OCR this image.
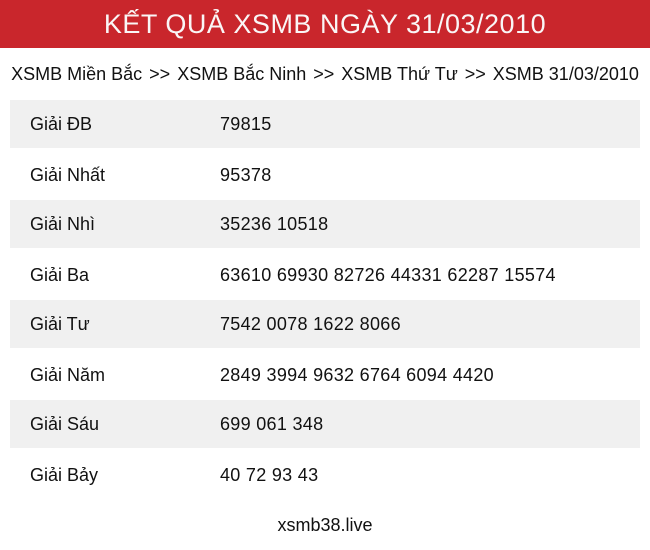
KẾT QUẢ XSMB NGÀY 31/03/2010
XSMB Miền Bắc >> XSMB Bắc Ninh >> XSMB Thứ Tư >> XSMB 31/03/2010
Giải ĐB	79815
Giải Nhất	95378
Giải Nhì	35236 10518
Giải Ba	63610 69930 82726 44331 62287 15574
Giải Tư	7542 0078 1622 8066
Giải Năm	2849 3994 9632 6764 6094 4420
Giải Sáu	699 061 348
Giải Bảy	40 72 93 43
xsmb38.live
